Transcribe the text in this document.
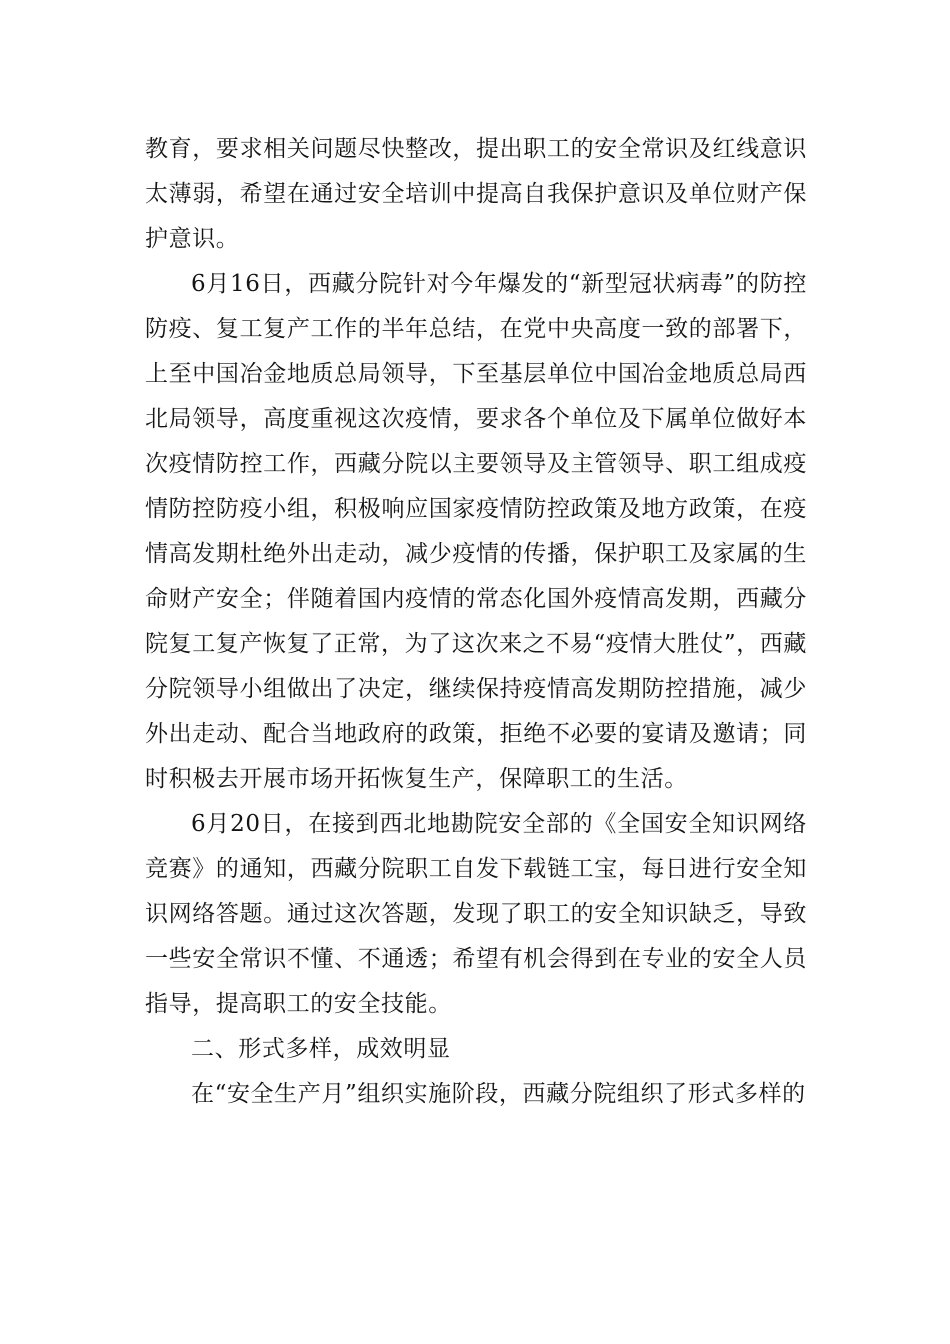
教育，要求相关问题尽快整改，提出职工的安全常识及红线意识太薄弱，希望在通过安全培训中提高自我保护意识及单位财产保护意识。

6月16日，西藏分院针对今年爆发的“新型冠状病毒”的防控防疫、复工复产工作的半年总结，在党中央高度一致的部署下，上至中国冶金地质总局领导，下至基层单位中国冶金地质总局西北局领导，高度重视这次疫情，要求各个单位及下属单位做好本次疫情防控工作，西藏分院以主要领导及主管领导、职工组成疫情防控防疫小组，积极响应国家疫情防控政策及地方政策，在疫情高发期杜绝外出走动，减少疫情的传播，保护职工及家属的生命财产安全；伴随着国内疫情的常态化国外疫情高发期，西藏分院复工复产恢复了正常，为了这次来之不易“疫情大胜仗”，西藏分院领导小组做出了决定，继续保持疫情高发期防控措施，减少外出走动、配合当地政府的政策，拒绝不必要的宴请及邀请；同时积极去开展市场开拓恢复生产，保障职工的生活。

6月20日，在接到西北地勘院安全部的《全国安全知识网络竞赛》的通知，西藏分院职工自发下载链工宝，每日进行安全知识网络答题。通过这次答题，发现了职工的安全知识缺乏，导致一些安全常识不懂、不通透；希望有机会得到在专业的安全人员指导，提高职工的安全技能。

二、形式多样，成效明显

在“安全生产月”组织实施阶段，西藏分院组织了形式多样的
